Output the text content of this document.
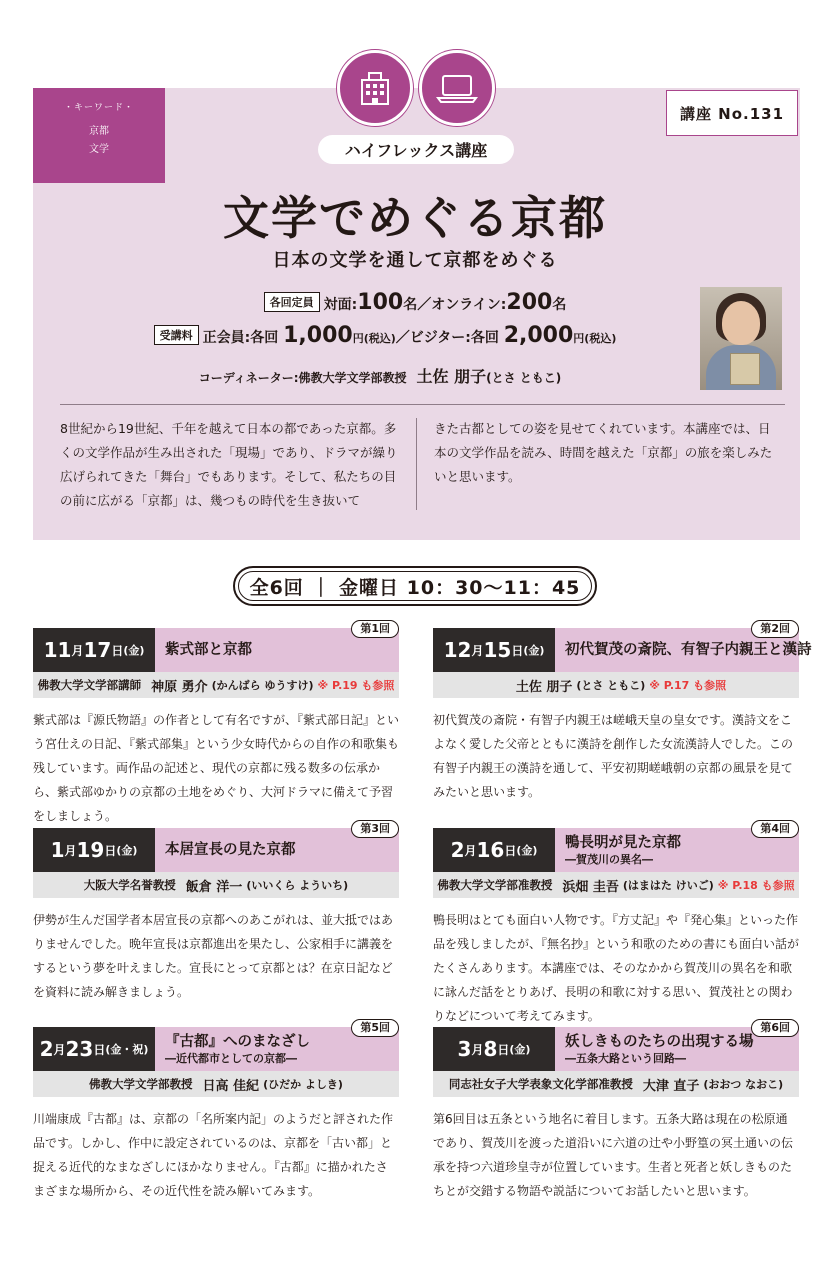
・キーワード・
京都
文学
講座 No.131
ハイフレックス講座
文学でめぐる京都
日本の文学を通して京都をめぐる
各回定員 対面:100名／オンライン:200名
受講料 正会員:各回 1,000円(税込)／ビジター:各回 2,000円(税込)
コーディネーター:佛教大学文学部教授 土佐 朋子(とさ ともこ)
8世紀から19世紀、千年を越えて日本の都であった京都。多くの文学作品が生み出された「現場」であり、ドラマが繰り広げられてきた「舞台」でもあります。そして、私たちの目の前に広がる「京都」は、幾つもの時代を生き抜いて
きた古都としての姿を見せてくれています。本講座では、日本の文学作品を読み、時間を越えた「京都」の旅を楽しみたいと思います。
全6回 ｜ 金曜日 10：30〜11：45
第1回
11 月 17 日 (金) 紫式部と京都
佛教大学文学部講師 神原 勇介 (かんばら ゆうすけ) ※ P.19 も参照
紫式部は『源氏物語』の作者として有名ですが、『紫式部日記』という宮仕えの日記、『紫式部集』という少女時代からの自作の和歌集も残しています。両作品の記述と、現代の京都に残る数多の伝承から、紫式部ゆかりの京都の土地をめぐり、大河ドラマに備えて予習をしましょう。
第2回
12 月 15 日 (金) 初代賀茂の斎院、有智子内親王と漢詩
土佐 朋子 (とさ ともこ) ※ P.17 も参照
初代賀茂の斎院・有智子内親王は嵯峨天皇の皇女です。漢詩文をこよなく愛した父帝とともに漢詩を創作した女流漢詩人でした。この有智子内親王の漢詩を通して、平安初期嵯峨朝の京都の風景を見てみたいと思います。
第3回
1 月 19 日 (金) 本居宣長の見た京都
大阪大学名誉教授 飯倉 洋一 (いいくら よういち)
伊勢が生んだ国学者本居宣長の京都へのあこがれは、並大抵ではありませんでした。晩年宣長は京都進出を果たし、公家相手に講義をするという夢を叶えました。宣長にとって京都とは？在京日記などを資料に読み解きましょう。
第4回
2 月 16 日 (金) 鴨長明が見た京都
―賀茂川の異名―
佛教大学文学部准教授 浜畑 圭吾 (はまはた けいご) ※ P.18 も参照
鴨長明はとても面白い人物です。『方丈記』や『発心集』といった作品を残しましたが、『無名抄』という和歌のための書にも面白い話がたくさんあります。本講座では、そのなかから賀茂川の異名を和歌に詠んだ話をとりあげ、長明の和歌に対する思い、賀茂社との関わりなどについて考えてみます。
第5回
2 月 23 日 (金・祝) 『古都』へのまなざし
―近代都市としての京都―
佛教大学文学部教授 日高 佳紀 (ひだか よしき)
川端康成『古都』は、京都の「名所案内記」のようだと評された作品です。しかし、作中に設定されているのは、京都を「古い都」と捉える近代的なまなざしにほかなりません。『古都』に描かれたさまざまな場所から、その近代性を読み解いてみます。
第6回
3 月 8 日 (金) 妖しきものたちの出現する場
―五条大路という回路―
同志社女子大学表象文化学部准教授 大津 直子 (おおつ なおこ)
第6回目は五条という地名に着目します。五条大路は現在の松原通であり、賀茂川を渡った道沿いに六道の辻や小野篁の冥土通いの伝承を持つ六道珍皇寺が位置しています。生者と死者と妖しきものたちとが交錯する物語や説話についてお話したいと思います。
